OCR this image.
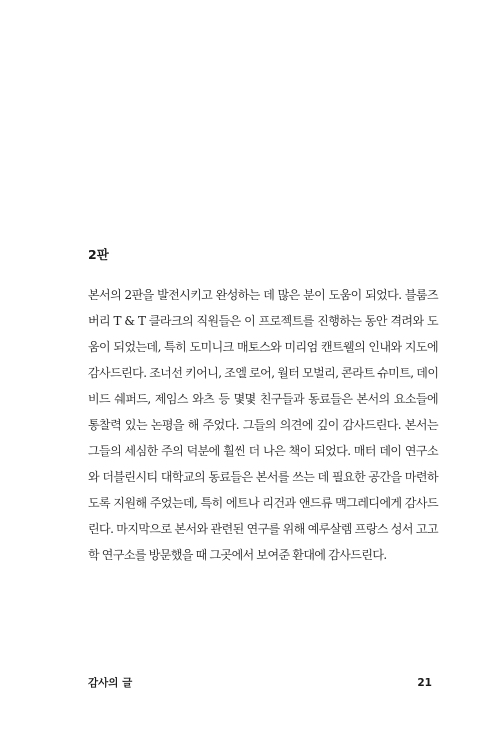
2판
본서의 2판을 발전시키고 완성하는 데 많은 분이 도움이 되었다. 블룸즈
버리 T & T 클라크의 직원들은 이 프로젝트를 진행하는 동안 격려와 도
움이 되었는데, 특히 도미니크 매토스와 미리엄 캔트웰의 인내와 지도에
감사드린다. 조너선 키어니, 조엘 로어, 월터 모벌리, 콘라트 슈미트, 데이
비드 쉐퍼드, 제임스 와츠 등 몇몇 친구들과 동료들은 본서의 요소들에
통찰력 있는 논평을 해 주었다. 그들의 의견에 깊이 감사드린다. 본서는
그들의 세심한 주의 덕분에 훨씬 더 나은 책이 되었다. 매터 데이 연구소
와 더블린시티 대학교의 동료들은 본서를 쓰는 데 필요한 공간을 마련하
도록 지원해 주었는데, 특히 에트나 리건과 앤드류 맥그레디에게 감사드
린다. 마지막으로 본서와 관련된 연구를 위해 예루살렘 프랑스 성서 고고
학 연구소를 방문했을 때 그곳에서 보여준 환대에 감사드린다.

감사의 글	21
